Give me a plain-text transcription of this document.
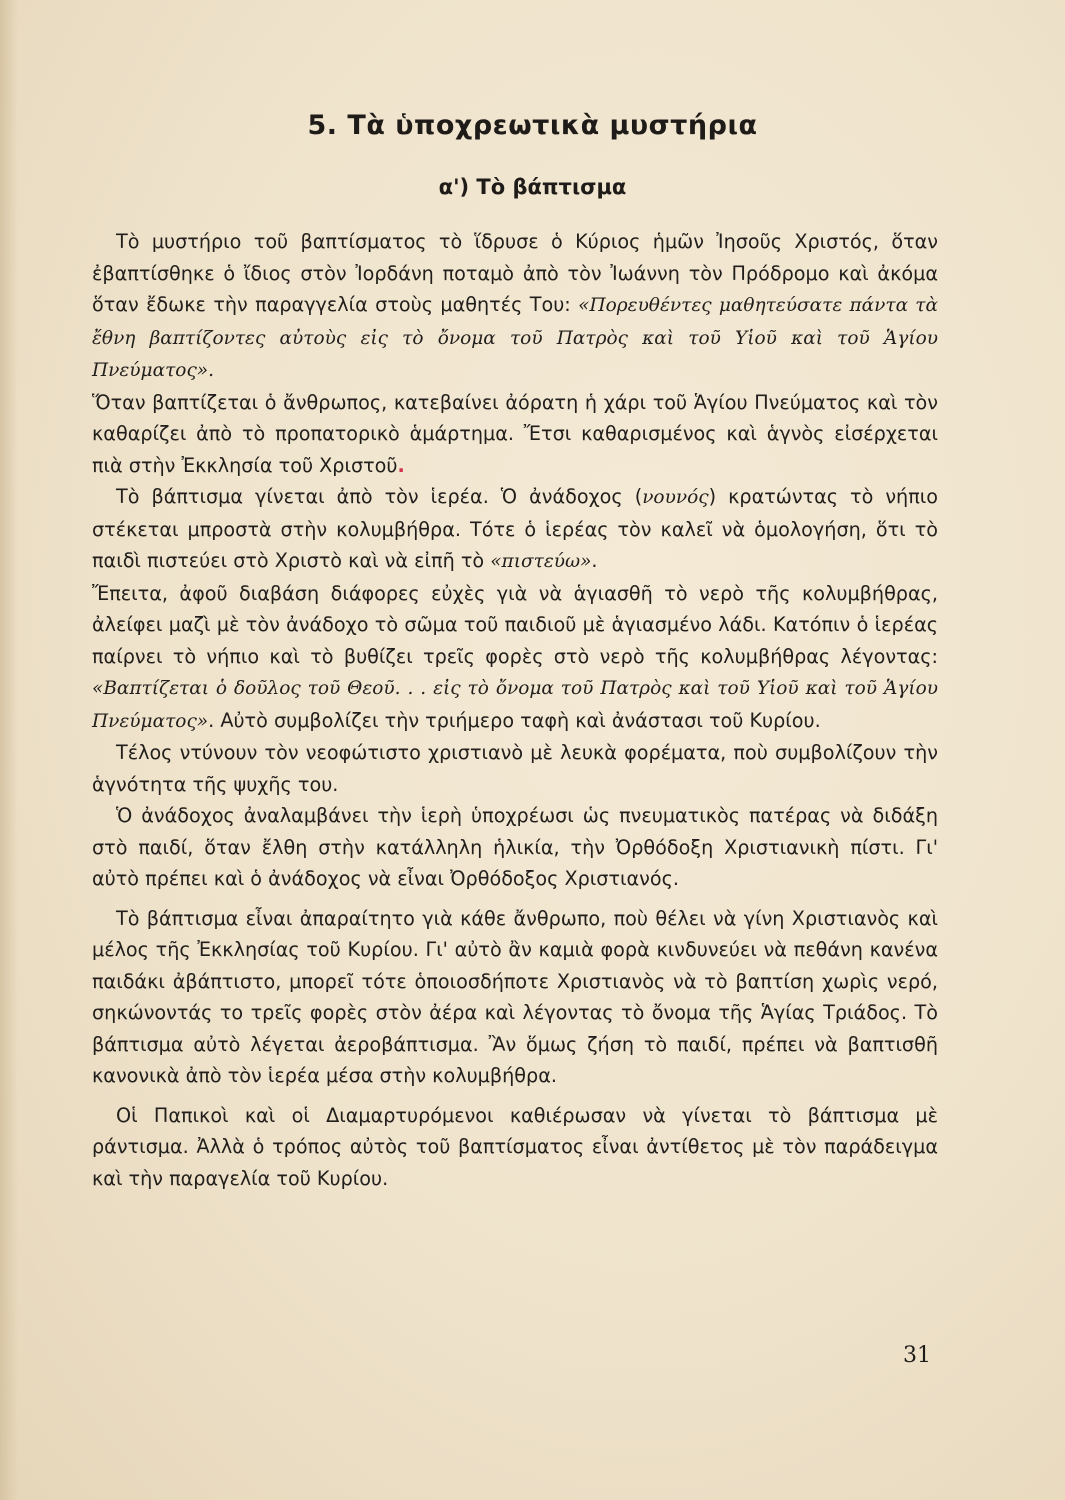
5. Τὰ ὑποχρεωτικὰ μυστήρια
α') Τὸ βάπτισμα

Τὸ μυστήριο τοῦ βαπτίσματος τὸ ἵδρυσε ὁ Κύριος ἡμῶν Ἰησοῦς Χριστός, ὅταν ἐβαπτίσθηκε ὁ ἴδιος στὸν Ἰορδάνη ποταμὸ ἀπὸ τὸν Ἰωάννη τὸν Πρόδρομο καὶ ἀκόμα ὅταν ἔδωκε τὴν παραγγελία στοὺς μαθητές Του: «Πορευθέντες μαθητεύσατε πάντα τὰ ἔθνη βαπτίζοντες αὐτοὺς εἰς τὸ ὄνομα τοῦ Πατρὸς καὶ τοῦ Υἱοῦ καὶ τοῦ Ἁγίου Πνεύματος».

Ὅταν βαπτίζεται ὁ ἄνθρωπος, κατεβαίνει ἀόρατη ἡ χάρι τοῦ Ἁγίου Πνεύματος καὶ τὸν καθαρίζει ἀπὸ τὸ προπατορικὸ ἁμάρτημα. Ἔτσι καθαρισμένος καὶ ἁγνὸς εἰσέρχεται πιὰ στὴν Ἐκκλησία τοῦ Χριστοῦ.

Τὸ βάπτισμα γίνεται ἀπὸ τὸν ἱερέα. Ὁ ἀνάδοχος (νουνός) κρατώντας τὸ νήπιο στέκεται μπροστὰ στὴν κολυμβήθρα. Τότε ὁ ἱερέας τὸν καλεῖ νὰ ὁμολογήση, ὅτι τὸ παιδὶ πιστεύει στὸ Χριστὸ καὶ νὰ εἰπῆ τὸ «πιστεύω».

Ἔπειτα, ἀφοῦ διαβάση διάφορες εὐχὲς γιὰ νὰ ἁγιασθῆ τὸ νερὸ τῆς κολυμβήθρας, ἀλείφει μαζὶ μὲ τὸν ἀνάδοχο τὸ σῶμα τοῦ παιδιοῦ μὲ ἁγιασμένο λάδι. Κατόπιν ὁ ἱερέας παίρνει τὸ νήπιο καὶ τὸ βυθίζει τρεῖς φορὲς στὸ νερὸ τῆς κολυμβήθρας λέγοντας: «Βαπτίζεται ὁ δοῦλος τοῦ Θεοῦ. . . εἰς τὸ ὄνομα τοῦ Πατρὸς καὶ τοῦ Υἱοῦ καὶ τοῦ Ἁγίου Πνεύματος». Αὐτὸ συμβολίζει τὴν τριήμερο ταφὴ καὶ ἀνάστασι τοῦ Κυρίου.

Τέλος ντύνουν τὸν νεοφώτιστο χριστιανὸ μὲ λευκὰ φορέματα, ποὺ συμβολίζουν τὴν ἁγνότητα τῆς ψυχῆς του.

Ὁ ἀνάδοχος ἀναλαμβάνει τὴν ἱερὴ ὑποχρέωσι ὡς πνευματικὸς πατέρας νὰ διδάξη στὸ παιδί, ὅταν ἔλθη στὴν κατάλληλη ἡλικία, τὴν Ὀρθόδοξη Χριστιανικὴ πίστι. Γι' αὐτὸ πρέπει καὶ ὁ ἀνάδοχος νὰ εἶναι Ὀρθόδοξος Χριστιανός.

Τὸ βάπτισμα εἶναι ἀπαραίτητο γιὰ κάθε ἄνθρωπο, ποὺ θέλει νὰ γίνη Χριστιανὸς καὶ μέλος τῆς Ἐκκλησίας τοῦ Κυρίου. Γι' αὐτὸ ἂν καμιὰ φορὰ κινδυνεύει νὰ πεθάνη κανένα παιδάκι ἀβάπτιστο, μπορεῖ τότε ὁποιοσδήποτε Χριστιανὸς νὰ τὸ βαπτίση χωρὶς νερό, σηκώνοντάς το τρεῖς φορὲς στὸν ἀέρα καὶ λέγοντας τὸ ὄνομα τῆς Ἁγίας Τριάδος. Τὸ βάπτισμα αὐτὸ λέγεται ἀεροβάπτισμα. Ἂν ὅμως ζήση τὸ παιδί, πρέπει νὰ βαπτισθῆ κανονικὰ ἀπὸ τὸν ἱερέα μέσα στὴν κολυμβήθρα.

Οἱ Παπικοὶ καὶ οἱ Διαμαρτυρόμενοι καθιέρωσαν νὰ γίνεται τὸ βάπτισμα μὲ ράντισμα. Ἀλλὰ ὁ τρόπος αὐτὸς τοῦ βαπτίσματος εἶναι ἀντίθετος μὲ τὸν παράδειγμα καὶ τὴν παραγελία τοῦ Κυρίου.

31
